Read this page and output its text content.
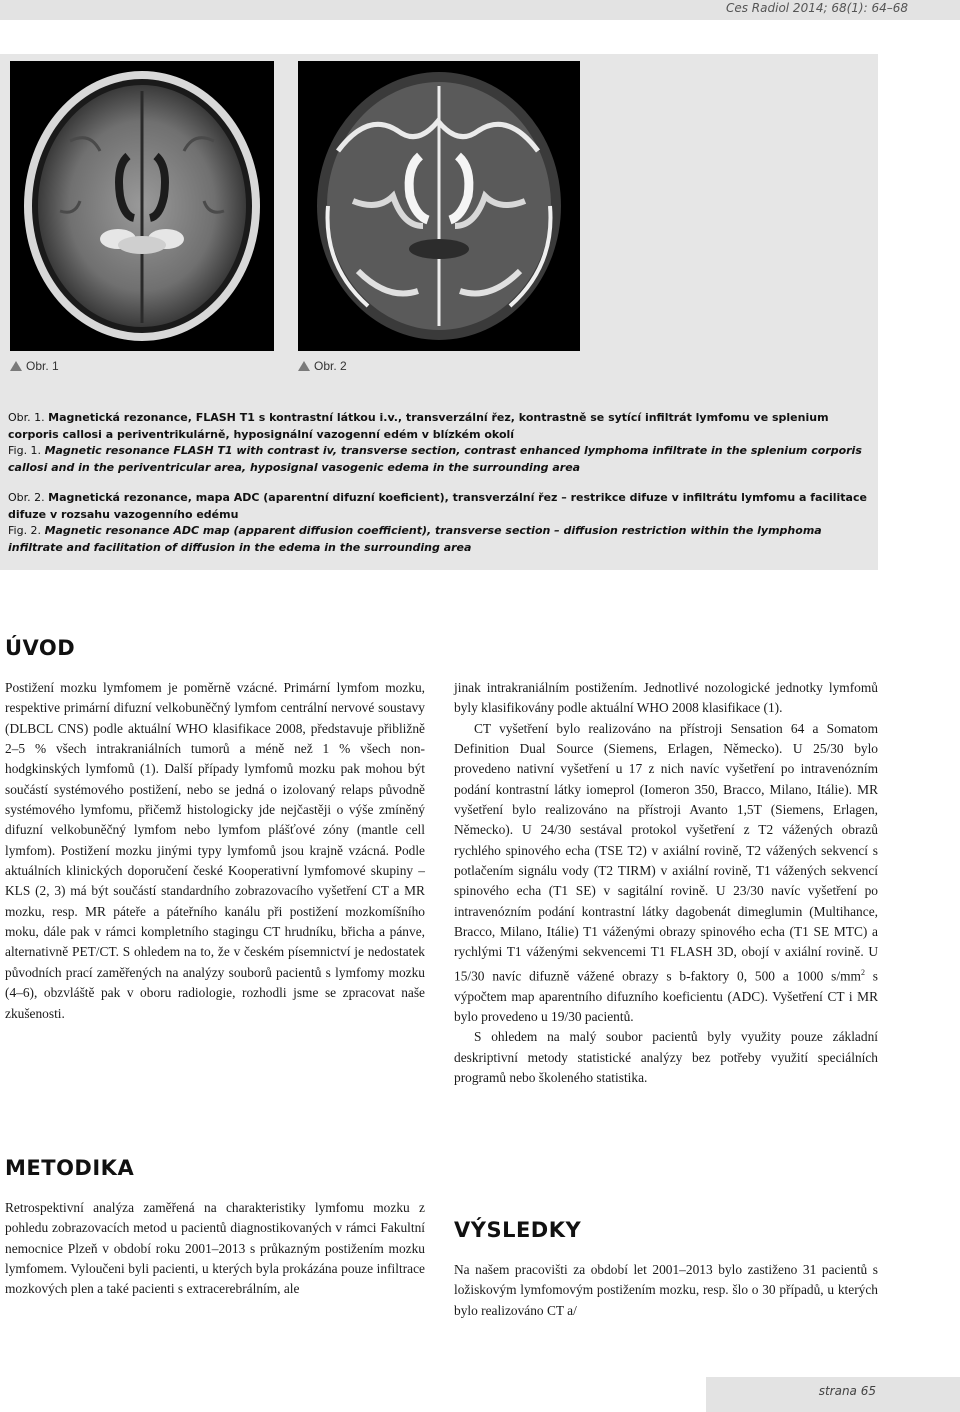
Ces Radiol 2014; 68(1): 64–68
Obr. 1	Obr. 2

Obr. 1. Magnetická rezonance, FLASH T1 s kontrastní látkou i.v., transverzální řez, kontrastně se sytící infiltrát lymfomu ve splenium corporis callosi a periventrikulárně, hyposignální vazogenní edém v blízkém okolí

Fig. 1. Magnetic resonance FLASH T1 with contrast iv, transverse section, contrast enhanced lymphoma infiltrate in the splenium corporis callosi and in the periventricular area, hyposignal vasogenic edema in the surrounding area

Obr. 2. Magnetická rezonance, mapa ADC (aparentní difuzní koeficient), transverzální řez – restrikce difuze v infiltrátu lymfomu a facilitace difuze v rozsahu vazogenního edému

Fig. 2. Magnetic resonance ADC map (apparent diffusion coefficient), transverse section – diffusion restriction within the lymphoma infiltrate and facilitation of diffusion in the edema in the surrounding area

ÚVOD

Postižení mozku lymfomem je poměrně vzácné. Primární lymfom mozku, respektive primární difuzní velkobuněčný lymfom centrální nervové soustavy (DLBCL CNS) podle aktuální WHO klasifikace 2008, představuje přibližně 2–5 % všech intrakraniálních tumorů a méně než 1 % všech non-hodgkinských lymfomů (1). Další případy lymfomů mozku pak mohou být součástí systémového postižení, nebo se jedná o izolovaný relaps původně systémového lymfomu, přičemž histologicky jde nejčastěji o výše zmíněný difuzní velkobuněčný lymfom nebo lymfom plášťové zóny (mantle cell lymfom). Postižení mozku jinými typy lymfomů jsou krajně vzácná. Podle aktuálních klinických doporučení české Kooperativní lymfomové skupiny – KLS (2, 3) má být součástí standardního zobrazovacího vyšetření CT a MR mozku, resp. MR páteře a páteřního kanálu při postižení mozkomíšního moku, dále pak v rámci kompletního stagingu CT hrudníku, břicha a pánve, alternativně PET/CT. S ohledem na to, že v českém písemnictví je nedostatek původních prací zaměřených na analýzy souborů pacientů s lymfomy mozku (4–6), obzvláště pak v oboru radiologie, rozhodli jsme se zpracovat naše zkušenosti.

METODIKA

Retrospektivní analýza zaměřená na charakteristiky lymfomu mozku z pohledu zobrazovacích metod u pacientů diagnostikovaných v rámci Fakultní nemocnice Plzeň v období roku 2001–2013 s průkazným postižením mozku lymfomem. Vyloučeni byli pacienti, u kterých byla prokázána pouze infiltrace mozkových plen a také pacienti s extracerebrálním, ale

jinak intrakraniálním postižením. Jednotlivé nozologické jednotky lymfomů byly klasifikovány podle aktuální WHO 2008 klasifikace (1).

CT vyšetření bylo realizováno na přístroji Sensation 64 a Somatom Definition Dual Source (Siemens, Erlagen, Německo). U 25/30 bylo provedeno nativní vyšetření u 17 z nich navíc vyšetření po intravenózním podání kontrastní látky iomeprol (Iomeron 350, Bracco, Milano, Itálie). MR vyšetření bylo realizováno na přístroji Avanto 1,5T (Siemens, Erlagen, Německo). U 24/30 sestával protokol vyšetření z T2 vážených obrazů rychlého spinového echa (TSE T2) v axiální rovině, T2 vážených sekvencí s potlačením signálu vody (T2 TIRM) v axiální rovině, T1 vážených sekvencí spinového echa (T1 SE) v sagitální rovině. U 23/30 navíc vyšetření po intravenózním podání kontrastní látky dagobenát dimeglumin (Multihance, Bracco, Milano, Itálie) T1 váženými obrazy spinového echa (T1 SE MTC) a rychlými T1 váženými sekvencemi T1 FLASH 3D, obojí v axiální rovině. U 15/30 navíc difuzně vážené obrazy s b-faktory 0, 500 a 1000 $s/mm^2$ s výpočtem map aparentního difuzního koeficientu (ADC). Vyšetření CT i MR bylo provedeno u 19/30 pacientů.

S ohledem na malý soubor pacientů byly využity pouze základní deskriptivní metody statistické analýzy bez potřeby využití speciálních programů nebo školeného statistika.

VÝSLEDKY

Na našem pracovišti za období let 2001–2013 bylo zastiženo 31 pacientů s ložiskovým lymfomovým postižením mozku, resp. šlo o 30 případů, u kterých bylo realizováno CT a/

strana 65
